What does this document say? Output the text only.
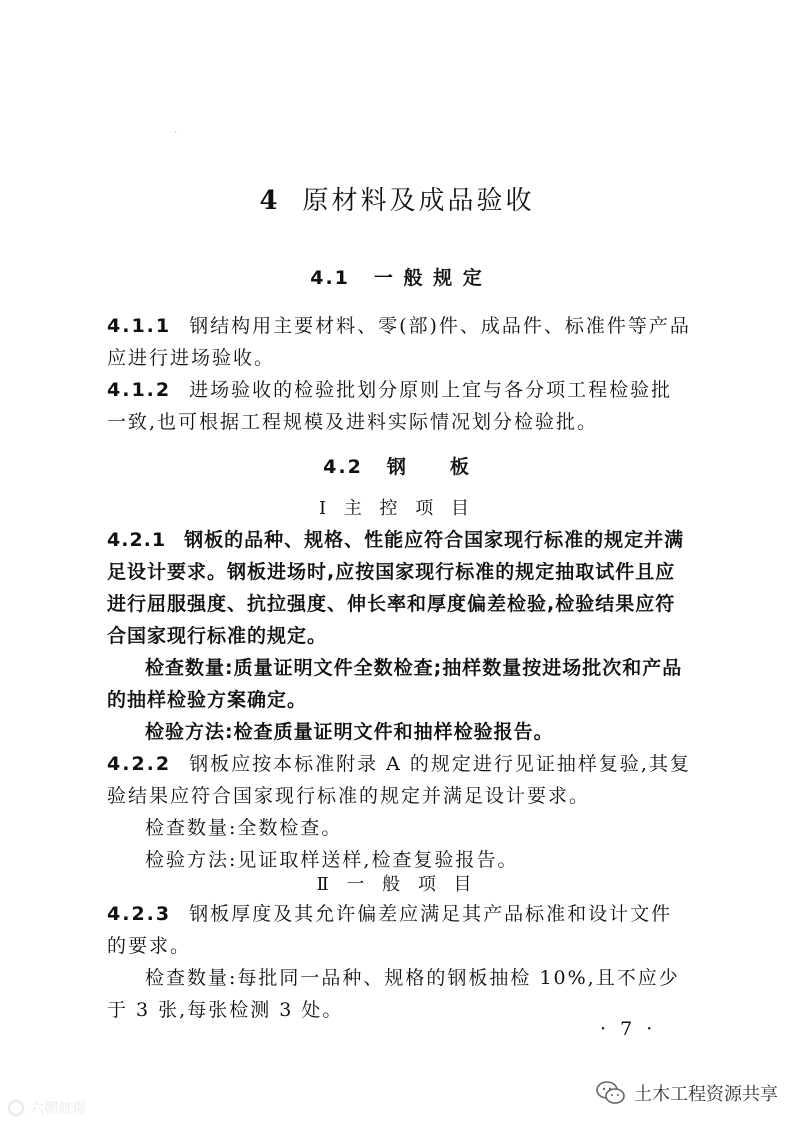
·
4 原材料及成品验收
4.1 一 般 规 定

4.1.1 钢结构用主要材料、零(部)件、成品件、标准件等产品应进行进场验收。

4.1.2 进场验收的检验批划分原则上宜与各分项工程检验批一致,也可根据工程规模及进料实际情况划分检验批。

4.2 钢　　板
Ⅰ 主 控 项 目

4.2.1 钢板的品种、规格、性能应符合国家现行标准的规定并满足设计要求。钢板进场时,应按国家现行标准的规定抽取试件且应进行屈服强度、抗拉强度、伸长率和厚度偏差检验,检验结果应符合国家现行标准的规定。

检查数量:质量证明文件全数检查;抽样数量按进场批次和产品的抽样检验方案确定。

检验方法:检查质量证明文件和抽样检验报告。

4.2.2 钢板应按本标准附录 A 的规定进行见证抽样复验,其复验结果应符合国家现行标准的规定并满足设计要求。

检查数量:全数检查。

检验方法:见证取样送样,检查复验报告。

Ⅱ 一 般 项 目

4.2.3 钢板厚度及其允许偏差应满足其产品标准和设计文件的要求。

检查数量:每批同一品种、规格的钢板抽检 10%,且不应少于 3 张,每张检测 3 处。

· 7 ·
土木工程资源共享
六朝渡璟
